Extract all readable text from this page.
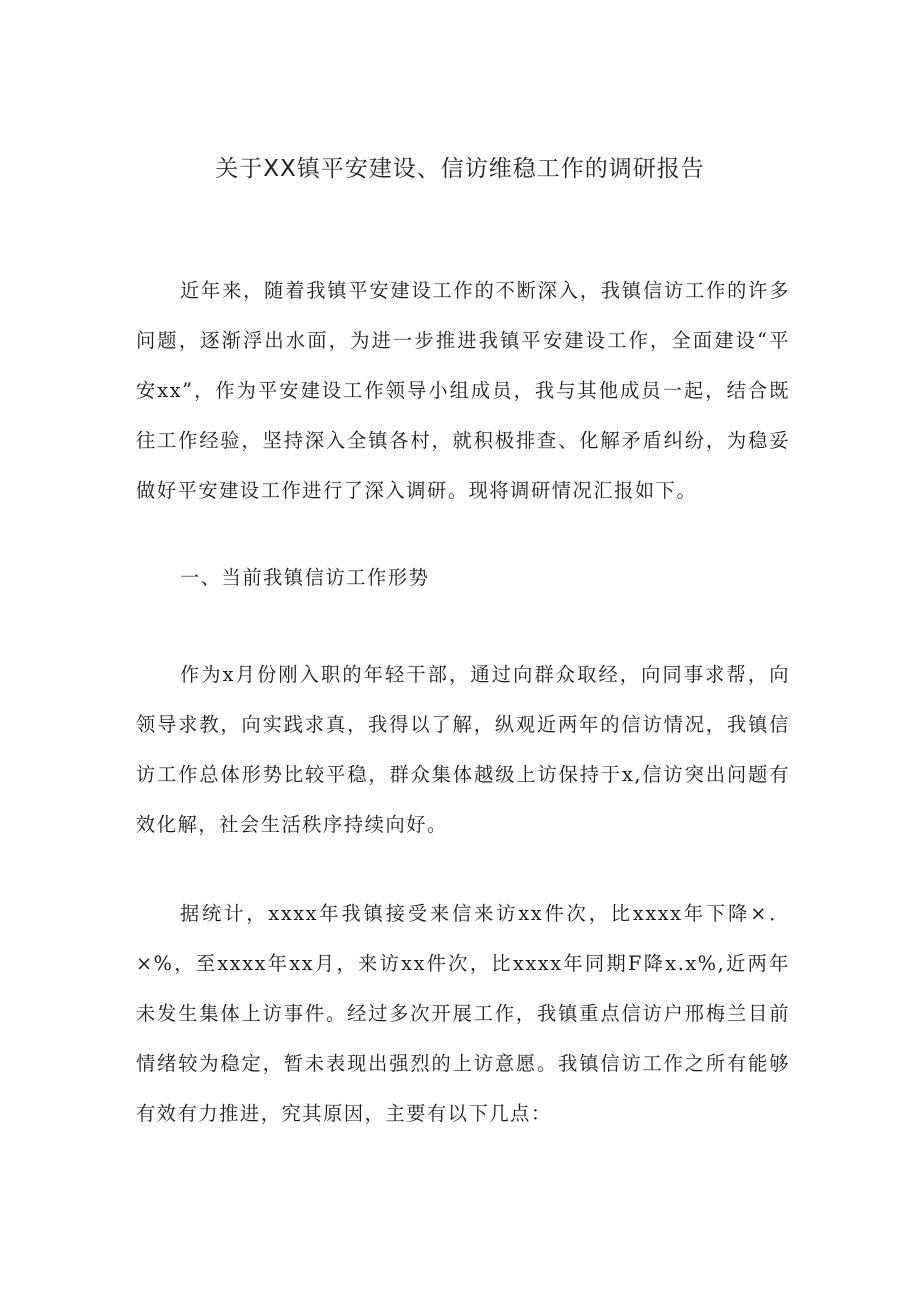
关于XX镇平安建设、信访维稳工作的调研报告

近年来，随着我镇平安建设工作的不断深入，我镇信访工作的许多问题，逐渐浮出水面，为进一步推进我镇平安建设工作，全面建设“平安xx”，作为平安建设工作领导小组成员，我与其他成员一起，结合既往工作经验，坚持深入全镇各村，就积极排查、化解矛盾纠纷，为稳妥做好平安建设工作进行了深入调研。现将调研情况汇报如下。

一、当前我镇信访工作形势

作为x月份刚入职的年轻干部，通过向群众取经，向同事求帮，向领导求教，向实践求真，我得以了解，纵观近两年的信访情况，我镇信访工作总体形势比较平稳，群众集体越级上访保持于x,信访突出问题有效化解，社会生活秩序持续向好。

据统计，xxxx年我镇接受来信来访xx件次，比xxxx年下降×．×%，至xxxx年xx月，来访xx件次，比xxxx年同期F降x.x%,近两年未发生集体上访事件。经过多次开展工作，我镇重点信访户邢梅兰目前情绪较为稳定，暂未表现出强烈的上访意愿。我镇信访工作之所有能够有效有力推进，究其原因，主要有以下几点：
